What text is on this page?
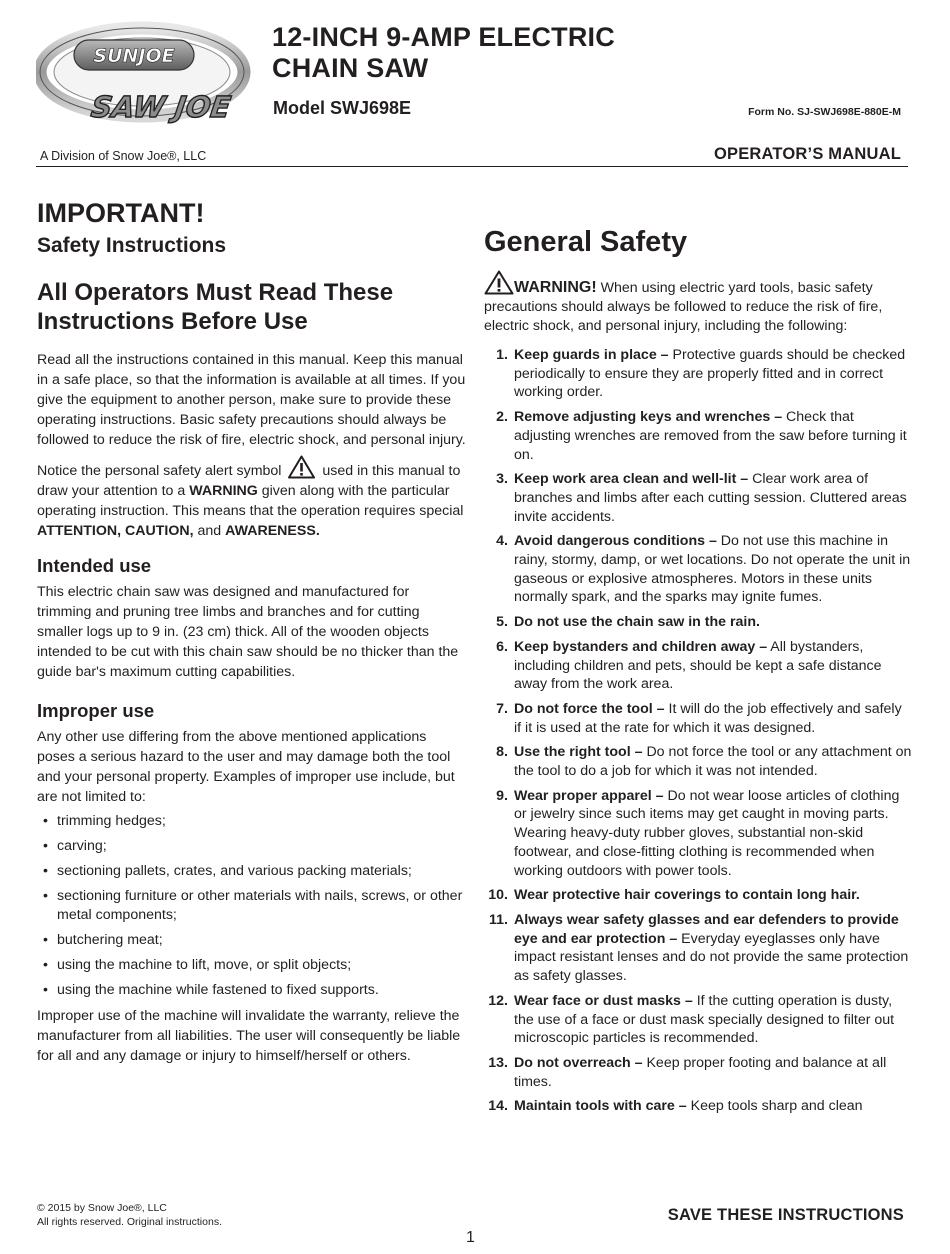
SUNJOE
SAW JOE
12-INCH 9-AMP ELECTRIC
CHAIN SAW
Model SWJ698E	Form No. SJ-SWJ698E-880E-M
A Division of Snow Joe®, LLC	OPERATOR’S MANUAL
IMPORTANT!
Safety Instructions
All Operators Must Read These Instructions Before Use

Read all the instructions contained in this manual. Keep this manual in a safe place, so that the information is available at all times. If you give the equipment to another person, make sure to provide these operating instructions. Basic safety precautions should always be followed to reduce the risk of fire, electric shock, and personal injury.

Notice the personal safety alert symbol	used in this manual to draw your attention to a WARNING given along with the particular operating instruction. This means that the operation requires special ATTENTION, CAUTION, and AWARENESS.

Intended use

This electric chain saw was designed and manufactured for trimming and pruning tree limbs and branches and for cutting smaller logs up to 9 in. (23 cm) thick. All of the wooden objects intended to be cut with this chain saw should be no thicker than the guide bar's maximum cutting capabilities.

Improper use

Any other use differing from the above mentioned applications poses a serious hazard to the user and may damage both the tool and your personal property. Examples of improper use include, but are not limited to:

• trimming hedges;
• carving;
• sectioning pallets, crates, and various packing materials;
• sectioning furniture or other materials with nails, screws, or other metal components;
• butchering meat;
• using the machine to lift, move, or split objects;
• using the machine while fastened to fixed supports.

Improper use of the machine will invalidate the warranty, relieve the manufacturer from all liabilities. The user will consequently be liable for all and any damage or injury to himself/herself or others.

General Safety

WARNING! When using electric yard tools, basic safety precautions should always be followed to reduce the risk of fire, electric shock, and personal injury, including the following:

1. Keep guards in place – Protective guards should be checked periodically to ensure they are properly fitted and in correct working order.
2. Remove adjusting keys and wrenches – Check that adjusting wrenches are removed from the saw before turning it on.
3. Keep work area clean and well-lit – Clear work area of branches and limbs after each cutting session. Cluttered areas invite accidents.
4. Avoid dangerous conditions – Do not use this machine in rainy, stormy, damp, or wet locations. Do not operate the unit in gaseous or explosive atmospheres. Motors in these units normally spark, and the sparks may ignite fumes.
5. Do not use the chain saw in the rain.
6. Keep bystanders and children away – All bystanders, including children and pets, should be kept a safe distance away from the work area.
7. Do not force the tool – It will do the job effectively and safely if it is used at the rate for which it was designed.
8. Use the right tool – Do not force the tool or any attachment on the tool to do a job for which it was not intended.
9. Wear proper apparel – Do not wear loose articles of clothing or jewelry since such items may get caught in moving parts. Wearing heavy-duty rubber gloves, substantial non-skid footwear, and close-fitting clothing is recommended when working outdoors with power tools.
10. Wear protective hair coverings to contain long hair.
11. Always wear safety glasses and ear defenders to provide eye and ear protection – Everyday eyeglasses only have impact resistant lenses and do not provide the same protection as safety glasses.
12. Wear face or dust masks – If the cutting operation is dusty, the use of a face or dust mask specially designed to filter out microscopic particles is recommended.
13. Do not overreach – Keep proper footing and balance at all times.
14. Maintain tools with care – Keep tools sharp and clean
© 2015 by Snow Joe®, LLC
All rights reserved. Original instructions.	SAVE THESE INSTRUCTIONS
1
